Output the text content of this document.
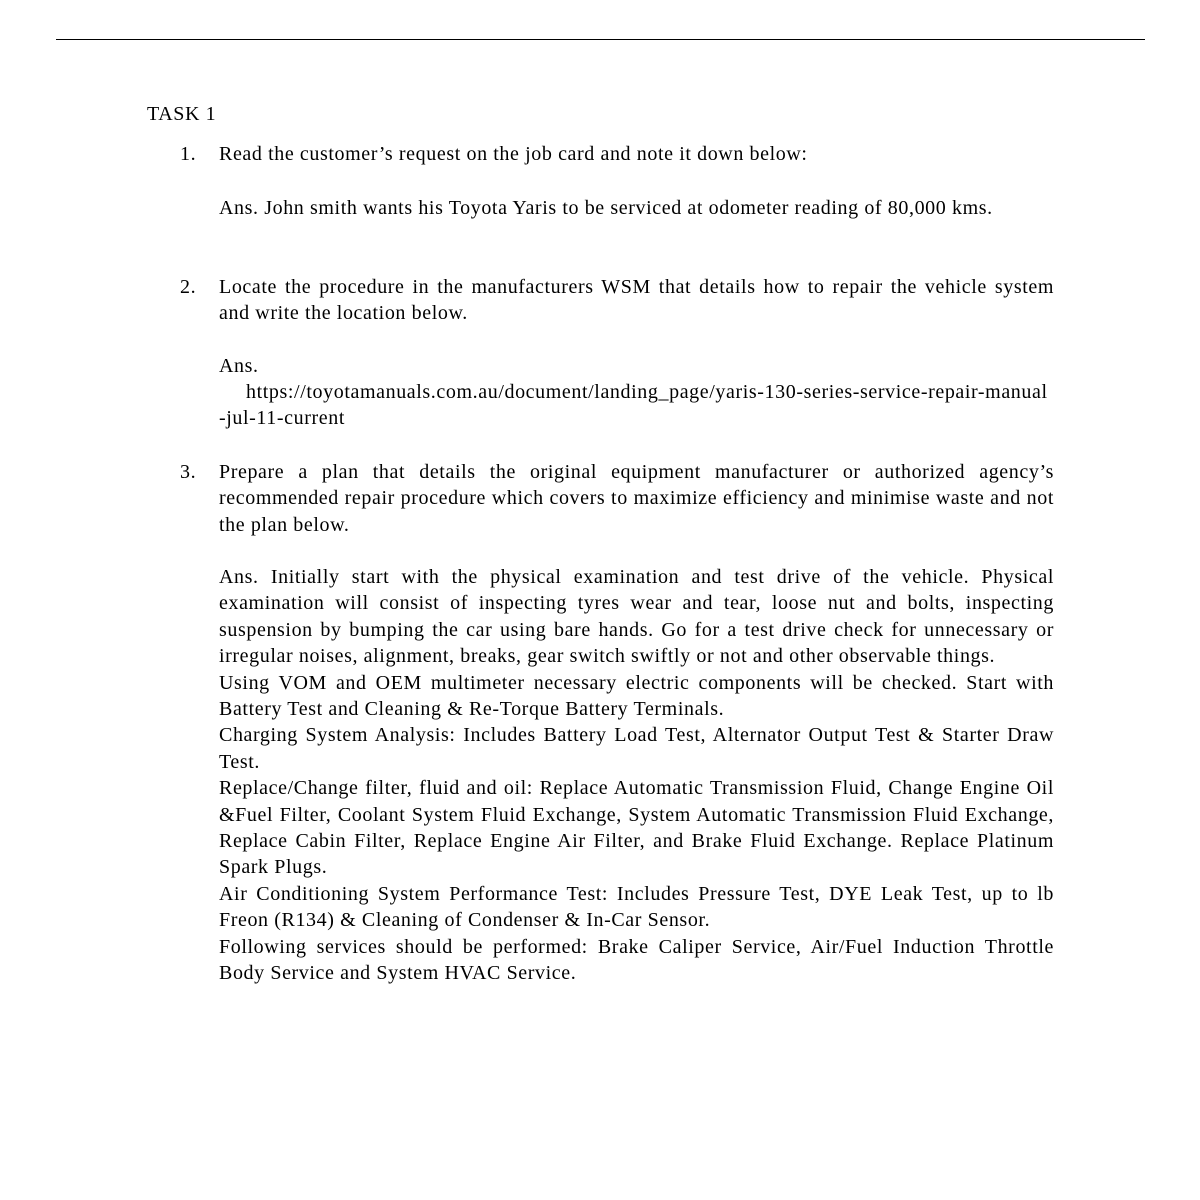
TASK 1
1. Read the customer’s request on the job card and note it down below:

Ans. John smith wants his Toyota Yaris to be serviced at odometer reading of 80,000 kms.

2. Locate the procedure in the manufacturers WSM that details how to repair the vehicle system and write the location below.

Ans.

https://toyotamanuals.com.au/document/landing_page/yaris-130-series-service-repair-manual-jul-11-current

3. Prepare a plan that details the original equipment manufacturer or authorized agency’s recommended repair procedure which covers to maximize efficiency and minimise waste and not the plan below.

Ans. Initially start with the physical examination and test drive of the vehicle. Physical examination will consist of inspecting tyres wear and tear, loose nut and bolts, inspecting suspension by bumping the car using bare hands. Go for a test drive check for unnecessary or irregular noises, alignment, breaks, gear switch swiftly or not and other observable things.
Using VOM and OEM multimeter necessary electric components will be checked. Start with Battery Test and Cleaning & Re-Torque Battery Terminals.
Charging System Analysis: Includes Battery Load Test, Alternator Output Test & Starter Draw Test.
Replace/Change filter, fluid and oil: Replace Automatic Transmission Fluid, Change Engine Oil &Fuel Filter, Coolant System Fluid Exchange, System Automatic Transmission Fluid Exchange, Replace Cabin Filter, Replace Engine Air Filter, and Brake Fluid Exchange. Replace Platinum Spark Plugs.
Air Conditioning System Performance Test: Includes Pressure Test, DYE Leak Test, up to lb Freon (R134) & Cleaning of Condenser & In-Car Sensor.
Following services should be performed: Brake Caliper Service, Air/Fuel Induction Throttle Body Service and System HVAC Service.
